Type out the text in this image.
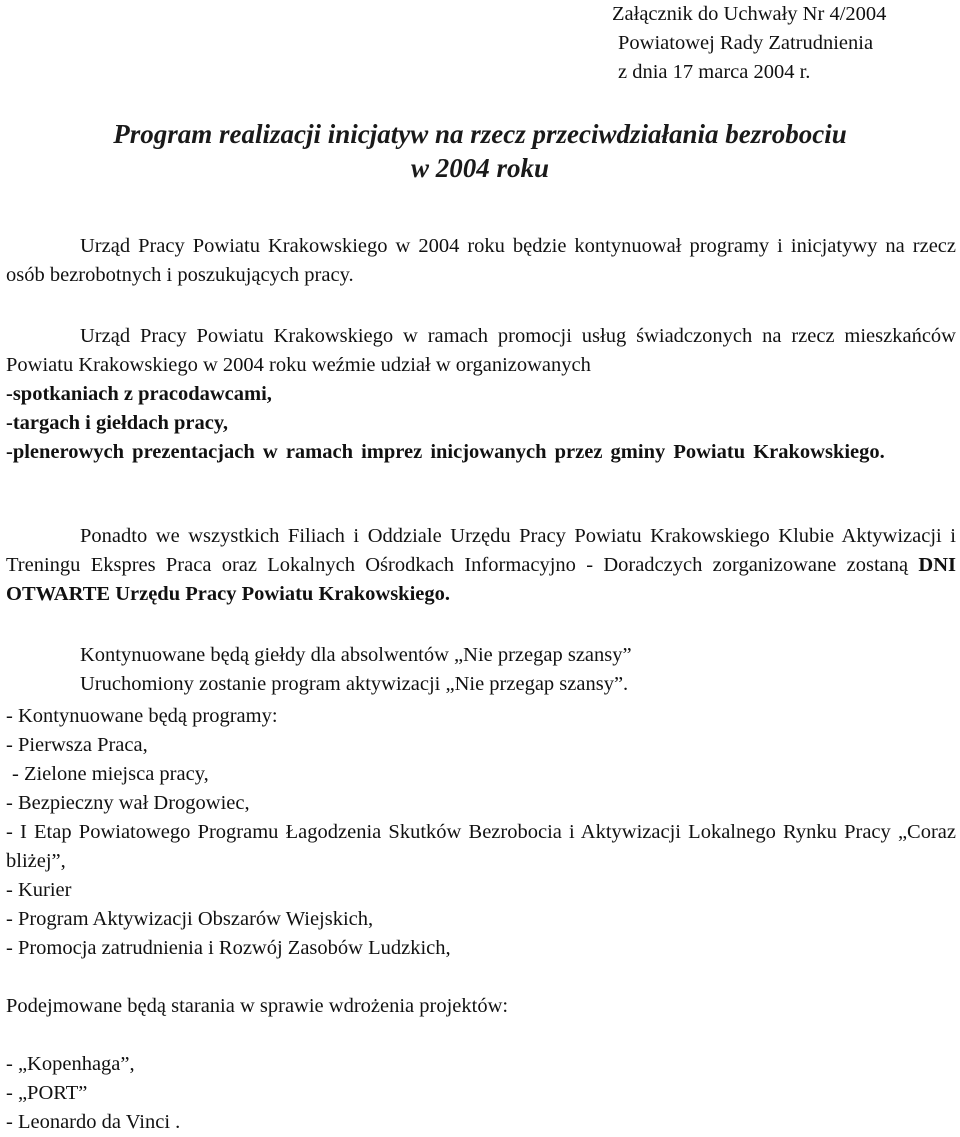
Załącznik do Uchwały Nr 4/2004
Powiatowej Rady Zatrudnienia
z dnia 17 marca 2004 r.
Program realizacji inicjatyw na rzecz przeciwdziałania bezrobociu
w 2004 roku
Urząd Pracy Powiatu Krakowskiego w 2004 roku będzie kontynuował programy i inicjatywy na rzecz osób bezrobotnych i poszukujących pracy.
Urząd Pracy Powiatu Krakowskiego w ramach promocji usług świadczonych na rzecz mieszkańców Powiatu Krakowskiego w 2004 roku weźmie udział w organizowanych
-spotkaniach z pracodawcami,
-targach i giełdach pracy,
-plenerowych prezentacjach w ramach imprez inicjowanych przez gminy Powiatu Krakowskiego.
Ponadto we wszystkich Filiach i Oddziale Urzędu Pracy Powiatu Krakowskiego Klubie Aktywizacji i Treningu Ekspres Praca oraz Lokalnych Ośrodkach Informacyjno - Doradczych zorganizowane zostaną DNI OTWARTE Urzędu Pracy Powiatu Krakowskiego.
Kontynuowane będą giełdy dla absolwentów „Nie przegap szansy”
Uruchomiony zostanie program aktywizacji „Nie przegap szansy”.
- Kontynuowane będą programy:
- Pierwsza Praca,
- Zielone miejsca pracy,
- Bezpieczny wał Drogowiec,
- I Etap Powiatowego Programu Łagodzenia Skutków Bezrobocia i Aktywizacji Lokalnego Rynku Pracy „Coraz bliżej”,
- Kurier
- Program Aktywizacji Obszarów Wiejskich,
- Promocja zatrudnienia i Rozwój Zasobów Ludzkich,
Podejmowane będą starania w sprawie wdrożenia projektów:
- „Kopenhaga”,
- „PORT”
- Leonardo da Vinci .
